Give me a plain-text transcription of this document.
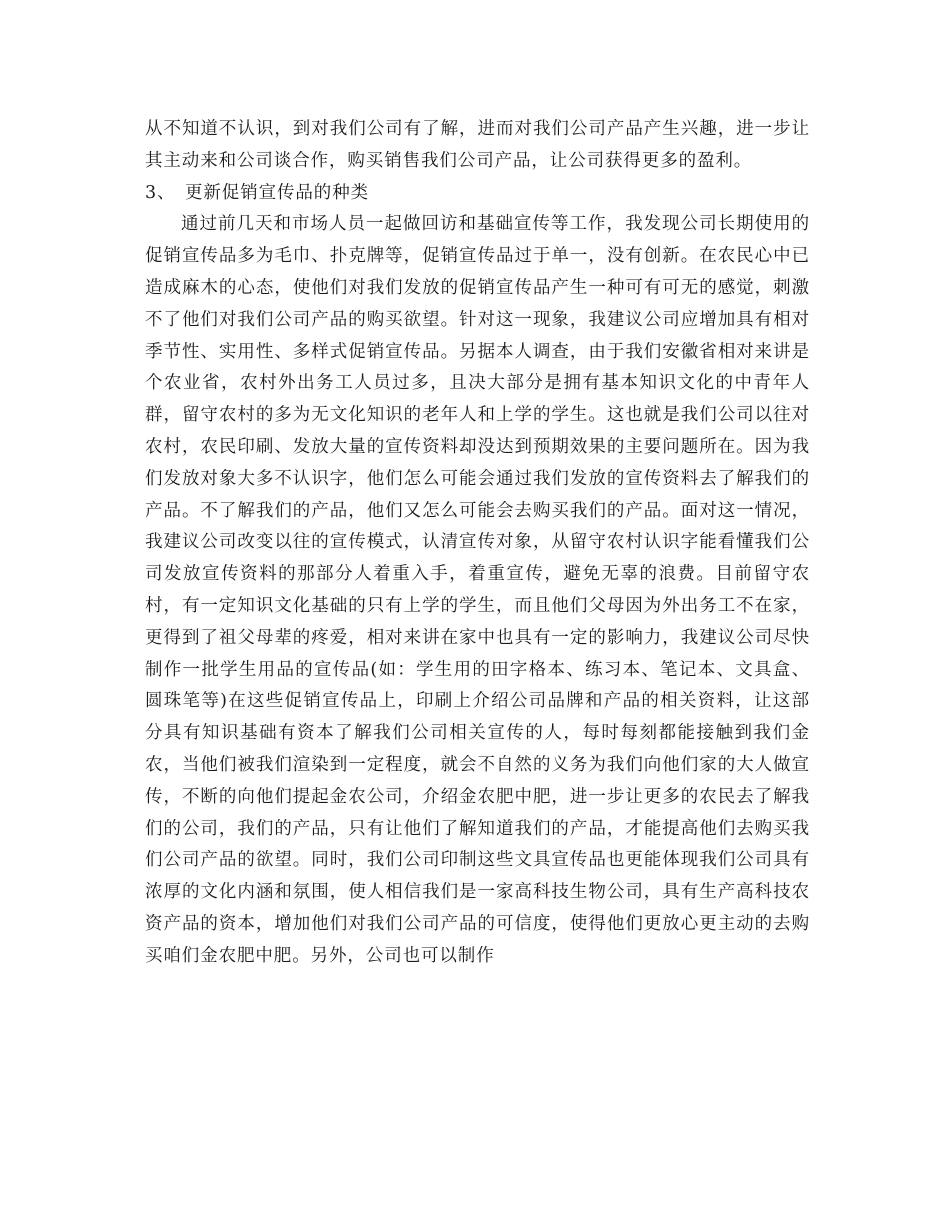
从不知道不认识，到对我们公司有了解，进而对我们公司产品产生兴趣，进一步让其主动来和公司谈合作，购买销售我们公司产品，让公司获得更多的盈利。

3、 更新促销宣传品的种类

通过前几天和市场人员一起做回访和基础宣传等工作，我发现公司长期使用的促销宣传品多为毛巾、扑克牌等，促销宣传品过于单一，没有创新。在农民心中已造成麻木的心态，使他们对我们发放的促销宣传品产生一种可有可无的感觉，刺激不了他们对我们公司产品的购买欲望。针对这一现象，我建议公司应增加具有相对季节性、实用性、多样式促销宣传品。另据本人调查，由于我们安徽省相对来讲是个农业省，农村外出务工人员过多，且决大部分是拥有基本知识文化的中青年人群，留守农村的多为无文化知识的老年人和上学的学生。这也就是我们公司以往对农村，农民印刷、发放大量的宣传资料却没达到预期效果的主要问题所在。因为我们发放对象大多不认识字，他们怎么可能会通过我们发放的宣传资料去了解我们的产品。不了解我们的产品，他们又怎么可能会去购买我们的产品。面对这一情况，我建议公司改变以往的宣传模式，认清宣传对象，从留守农村认识字能看懂我们公司发放宣传资料的那部分人着重入手，着重宣传，避免无辜的浪费。目前留守农村，有一定知识文化基础的只有上学的学生，而且他们父母因为外出务工不在家，更得到了祖父母辈的疼爱，相对来讲在家中也具有一定的影响力，我建议公司尽快制作一批学生用品的宣传品(如：学生用的田字格本、练习本、笔记本、文具盒、圆珠笔等)在这些促销宣传品上，印刷上介绍公司品牌和产品的相关资料，让这部分具有知识基础有资本了解我们公司相关宣传的人，每时每刻都能接触到我们金农，当他们被我们渲染到一定程度，就会不自然的义务为我们向他们家的大人做宣传，不断的向他们提起金农公司，介绍金农肥中肥，进一步让更多的农民去了解我们的公司，我们的产品，只有让他们了解知道我们的产品，才能提高他们去购买我们公司产品的欲望。同时，我们公司印制这些文具宣传品也更能体现我们公司具有浓厚的文化内涵和氛围，使人相信我们是一家高科技生物公司，具有生产高科技农资产品的资本，增加他们对我们公司产品的可信度，使得他们更放心更主动的去购买咱们金农肥中肥。另外，公司也可以制作
